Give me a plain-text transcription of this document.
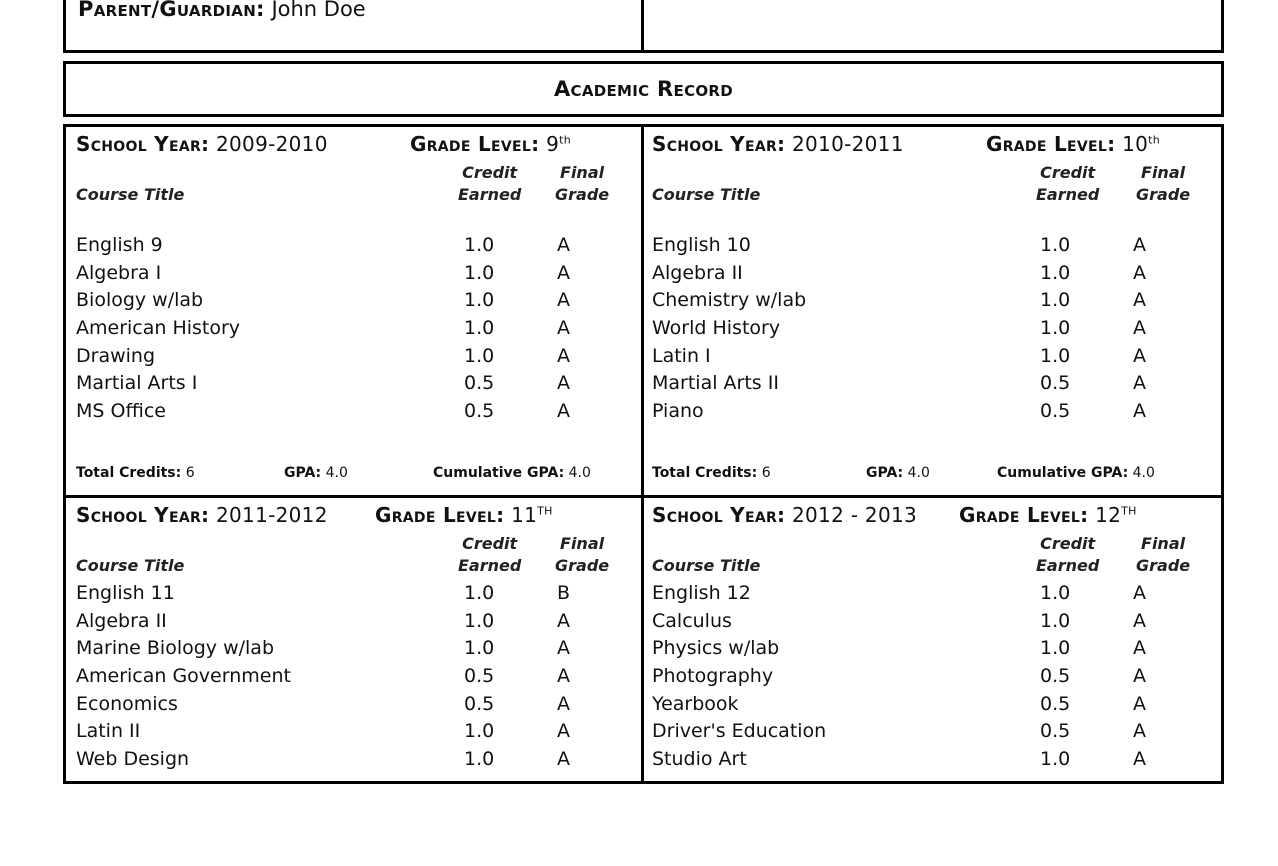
Parent/Guardian: John Doe
Academic Record
School Year: 2009-2010	Grade Level: 9th
Course Title
Credit
Earned
Final
Grade
English 9	1.0	A
Algebra I	1.0	A
Biology w/lab	1.0	A
American History	1.0	A
Drawing	1.0	A
Martial Arts I	0.5	A
MS Office	0.5	A
Total Credits: 6	GPA: 4.0	Cumulative GPA: 4.0
School Year: 2010-2011	Grade Level: 10th
Course Title
Credit
Earned
Final
Grade
English 10	1.0	A
Algebra II	1.0	A
Chemistry w/lab	1.0	A
World History	1.0	A
Latin I	1.0	A
Martial Arts II	0.5	A
Piano	0.5	A
Total Credits: 6	GPA: 4.0	Cumulative GPA: 4.0
School Year: 2011-2012 Grade Level: 11TH
Course Title
Credit
Earned
Final
Grade
English 11	1.0	B
Algebra II	1.0	A
Marine Biology w/lab	1.0	A
American Government	0.5	A
Economics	0.5	A
Latin II	1.0	A
Web Design	1.0	A
School Year: 2012 - 2013 Grade Level: 12TH
Course Title
Credit
Earned
Final
Grade
English 12	1.0	A
Calculus	1.0	A
Physics w/lab	1.0	A
Photography	0.5	A
Yearbook	0.5	A
Driver's Education	0.5	A
Studio Art	1.0	A
